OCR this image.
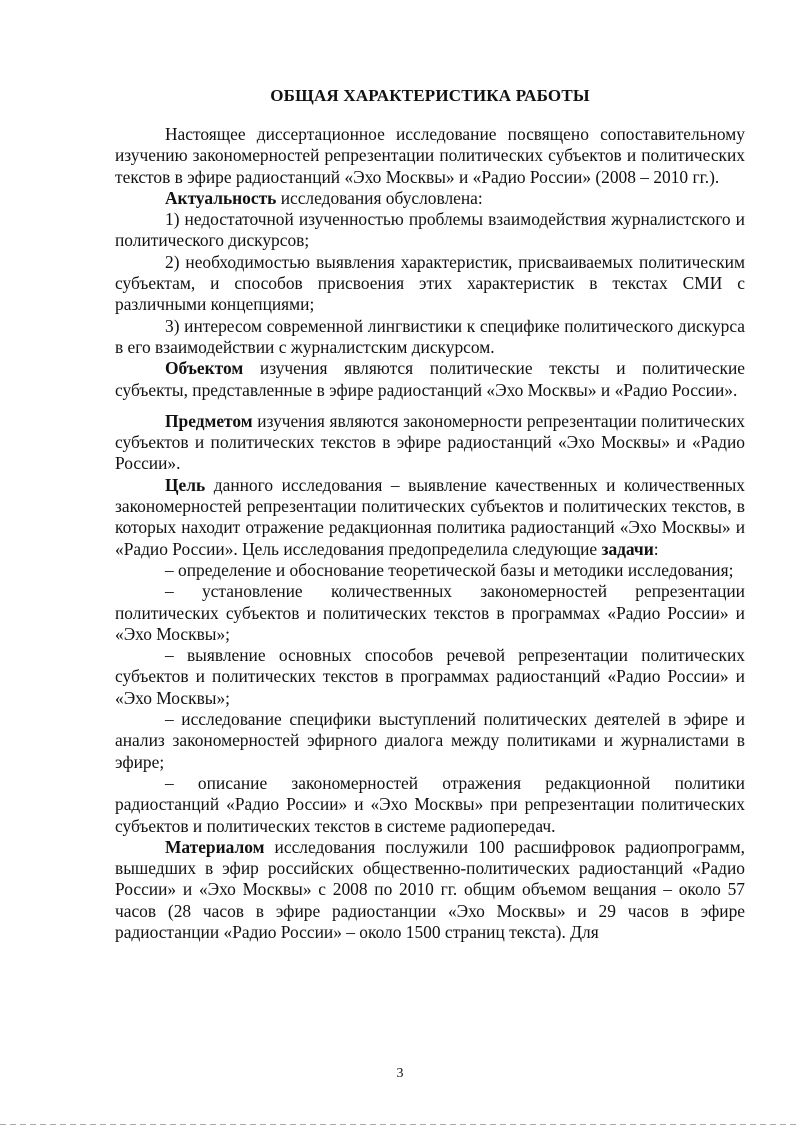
ОБЩАЯ ХАРАКТЕРИСТИКА РАБОТЫ

Настоящее диссертационное исследование посвящено сопоставительному изучению закономерностей репрезентации политических субъектов и политических текстов в эфире радиостанций «Эхо Москвы» и «Радио России» (2008 – 2010 гг.).

Актуальность исследования обусловлена:

1) недостаточной изученностью проблемы взаимодействия журналистского и политического дискурсов;

2) необходимостью выявления характеристик, присваиваемых политическим субъектам, и способов присвоения этих характеристик в текстах СМИ с различными концепциями;

3) интересом современной лингвистики к специфике политического дискурса в его взаимодействии с журналистским дискурсом.

Объектом изучения являются политические тексты и политические субъекты, представленные в эфире радиостанций «Эхо Москвы» и «Радио России».

Предметом изучения являются закономерности репрезентации политических субъектов и политических текстов в эфире радиостанций «Эхо Москвы» и «Радио России».

Цель данного исследования – выявление качественных и количественных закономерностей репрезентации политических субъектов и политических текстов, в которых находит отражение редакционная политика радиостанций «Эхо Москвы» и «Радио России». Цель исследования предопределила следующие задачи:

– определение и обоснование теоретической базы и методики исследования;

– установление количественных закономерностей репрезентации политических субъектов и политических текстов в программах «Радио России» и «Эхо Москвы»;

– выявление основных способов речевой репрезентации политических субъектов и политических текстов в программах радиостанций «Радио России» и «Эхо Москвы»;

– исследование специфики выступлений политических деятелей в эфире и анализ закономерностей эфирного диалога между политиками и журналистами в эфире;

– описание закономерностей отражения редакционной политики радиостанций «Радио России» и «Эхо Москвы» при репрезентации политических субъектов и политических текстов в системе радиопередач.

Материалом исследования послужили 100 расшифровок радиопрограмм, вышедших в эфир российских общественно-политических радиостанций «Радио России» и «Эхо Москвы» с 2008 по 2010 гг. общим объемом вещания – около 57 часов (28 часов в эфире радиостанции «Эхо Москвы» и 29 часов в эфире радиостанции «Радио России» – около 1500 страниц текста). Для

3
